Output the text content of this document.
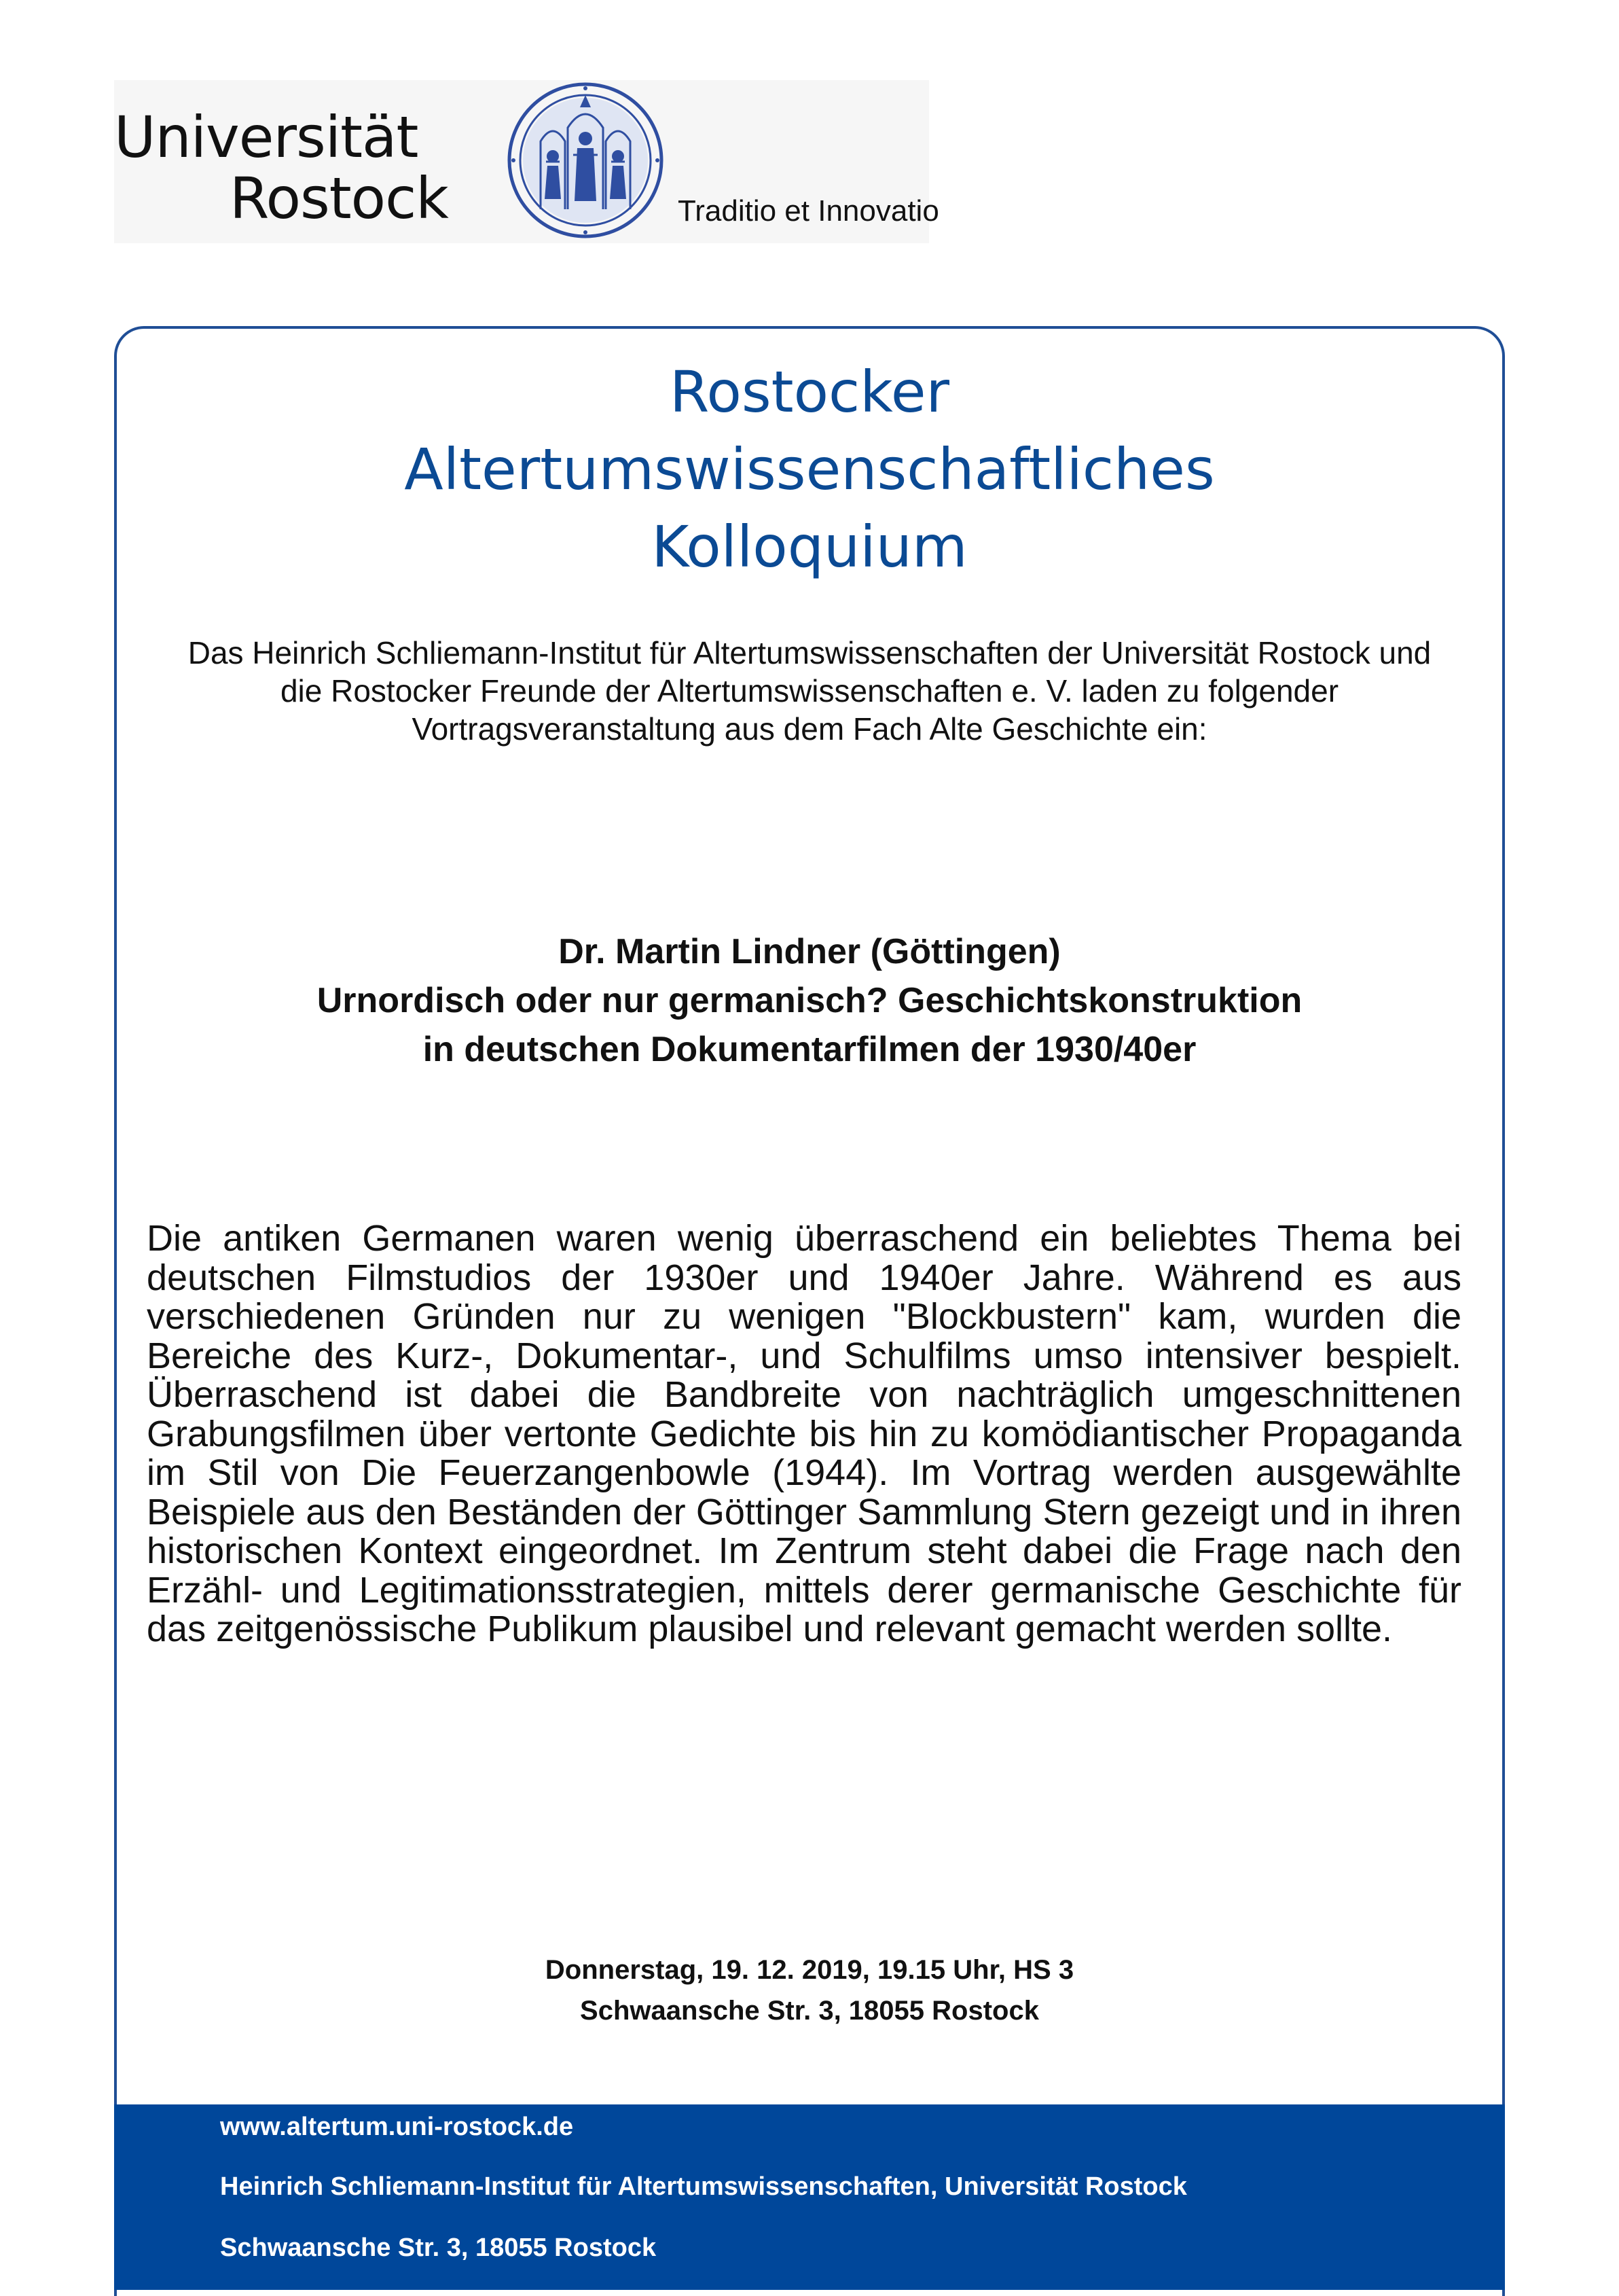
Universität
Rostock	Traditio et Innovatio
Rostocker
Altertumswissenschaftliches
Kolloquium
Das Heinrich Schliemann-Institut für Altertumswissenschaften der Universität Rostock und
die Rostocker Freunde der Altertumswissenschaften e. V. laden zu folgender
Vortragsveranstaltung aus dem Fach Alte Geschichte ein:
Dr. Martin Lindner (Göttingen)
Urnordisch oder nur germanisch? Geschichtskonstruktion
in deutschen Dokumentarfilmen der 1930/40er
Die antiken Germanen waren wenig überraschend ein beliebtes Thema bei
deutschen Filmstudios der 1930er und 1940er Jahre. Während es aus
verschiedenen Gründen nur zu wenigen "Blockbustern" kam, wurden die
Bereiche des Kurz-, Dokumentar-, und Schulfilms umso intensiver bespielt.
Überraschend ist dabei die Bandbreite von nachträglich umgeschnittenen
Grabungsfilmen über vertonte Gedichte bis hin zu komödiantischer Propaganda
im Stil von Die Feuerzangenbowle (1944). Im Vortrag werden ausgewählte
Beispiele aus den Beständen der Göttinger Sammlung Stern gezeigt und in ihren
historischen Kontext eingeordnet. Im Zentrum steht dabei die Frage nach den
Erzähl- und Legitimationsstrategien, mittels derer germanische Geschichte für
das zeitgenössische Publikum plausibel und relevant gemacht werden sollte.
Donnerstag, 19. 12. 2019, 19.15 Uhr, HS 3
Schwaansche Str. 3, 18055 Rostock
www.altertum.uni-rostock.de
Heinrich Schliemann-Institut für Altertumswissenschaften, Universität Rostock
Schwaansche Str. 3, 18055 Rostock
